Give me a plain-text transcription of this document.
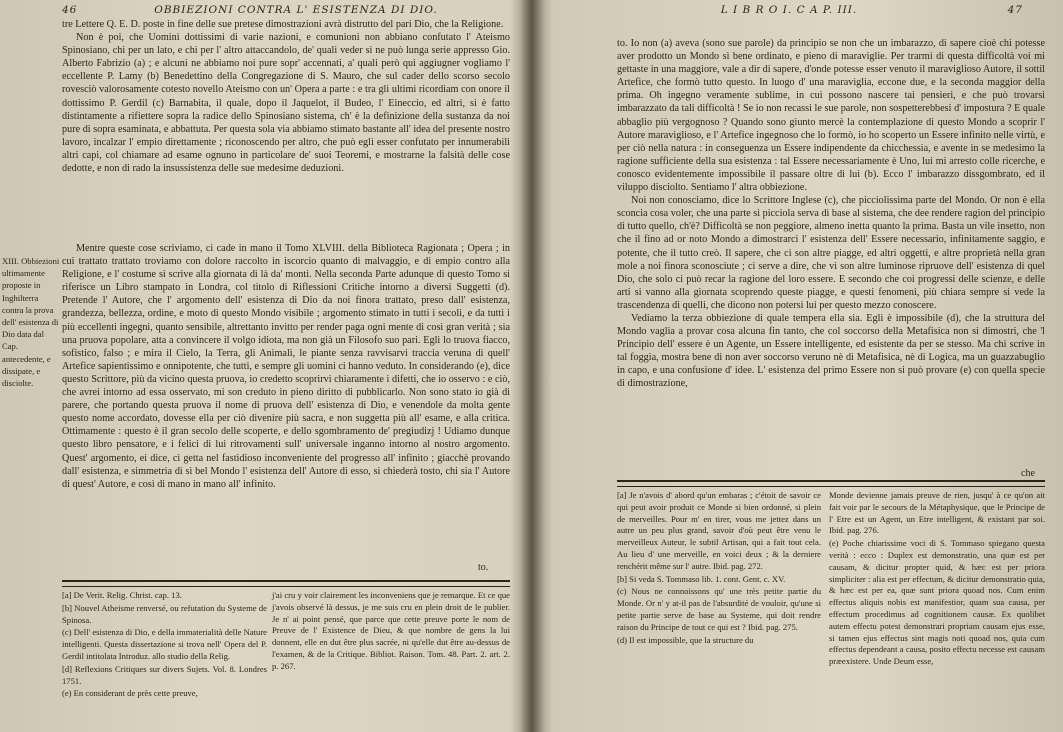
46	OBBIEZIONI CONTRA L' ESISTENZA DI DIO.

tre Lettere Q. E. D. poste in fine delle sue pretese dimostrazioni avrà distrutto del pari Dio, che la Religione.

Non è poi, che Uomini dottissimi di varie nazioni, e comunioni non abbiano confutato l' Ateismo Spinosiano, chi per un lato, e chi per l' altro attaccandolo, de' quali veder si ne può lunga serie appresso Gio. Alberto Fabrizio (a) ; e alcuni ne abbiamo noi pure sopr' accennati, a' quali però qui aggiugner vogliamo l' eccellente P. Lamy (b) Benedettino della Congregazione di S. Mauro, che sul cader dello scorso secolo rovesciò valorosamente cotesto novello Ateismo con un' Opera a parte : e tra gli ultimi ricordiam con onore il dottissimo P. Gerdil (c) Barnabita, il quale, dopo il Jaquelot, il Budeo, l' Eineccio, ed altri, si è fatto distintamente a rifiettere sopra la radice dello Spinosiano sistema, ch' è la definizione della sustanza da noi pure di sopra esaminata, e abbattuta. Per questa sola via abbiamo stimato bastante all' idea del presente nostro lavoro, incalzar l' empio direttamente ; riconoscendo per altro, che può egli esser confutato per innumerabili altri capi, col chiamare ad esame ognuno in particolare de' suoi Teoremi, e mostrarne la falsità delle cose dedotte, e non di rado la insussistenza delle sue medesime deduzioni.

XIII. Obbiezioni ultimamente proposte in Inghilterra contra la prova dell' esistenza di Dio data dal Cap. antecedente, e dissipate, e disciolte.

Mentre queste cose scriviamo, ci cade in mano il Tomo XLVIII. della Biblioteca Ragionata ; Opera ; in cui trattato trattato troviamo con dolore raccolto in iscorcio quanto di malvaggio, e di empio contro alla Religione, e l' costume si scrive alla giornata di là da' monti. Nella seconda Parte adunque di questo Tomo si riferisce un Libro stampato in Londra, col titolo di Riflessioni Critiche intorno a diversi Suggetti (d). Pretende l' Autore, che l' argomento dell' esistenza di Dio da noi finora trattato, preso dall' esistenza, grandezza, bellezza, ordine, e moto di questo Mondo visibile ; argomento stimato in tutti i secoli, e da tutti i più eccellenti ingegni, quanto sensibile, altrettanto invitto per render paga ogni mente di così gran verità ; sia una pruova popolare, atta a convincere il volgo idiota, ma non già un Filosofo suo pari. Egli lo truova fiacco, sofistico, falso ; e mira il Cielo, la Terra, gli Animali, le piante senza ravvisarvi traccia veruna di quell' Artefice sapientissimo e onnipotente, che tutti, e sempre gli uomini ci hanno veduto. In considerando (e), dice questo Scrittore, più da vicino questa pruova, io credetto scoprirvi chiaramente i difetti, che io osservo : e ciò, che avrei intorno ad essa osservato, mi son creduto in pieno diritto di pubblicarlo. Non sono stato io già di parere, che portando questa pruova il nome di pruova dell' esistenza di Dio, e venendole da molta gente questo nome accordato, dovesse ella per ciò divenire più sacra, e non suggetta più all' esame, e alla critica. Ottimamente : questo è il gran secolo delle scoperte, e dello sgombramento de' pregiudizj ! Udiamo dunque questo libro pensatore, e i felici di lui ritrovamenti sull' universale inganno intorno al nostro argomento. Quest' argomento, ei dice, ci getta nel fastidioso inconveniente del progresso all' infinito ; giacchè provando dall' esistenza, e simmetria di sì bel Mondo l' esistenza dell' Autore di esso, si chiederà tosto, chi sia l' Autore di quest' Autore, e così di mano in mano all' infinito.

[a] De Verit. Relig. Christ. cap. 13.

[b] Nouvel Atheisme renversé, ou refutation du Systeme de Spinosa.

(c) Dell' esistenza di Dio, e della immaterialità delle Nature intelligenti. Questa dissertazione si trova nell' Opera del P. Gerdil intitolata Introduz. allo studio della Relig.

[d] Reflexions Critiques sur divers Sujets. Vol. 8. Londres 1751.

(e) En considerant de près cette preuve,

j'ai cru y voir clairement les inconveniens que je remarque. Et ce que j'avois observé là dessus, je me suis cru en plein droit de le publier. Je n' ai point pensé, que parce que cette preuve porte le nom de Preuve de l' Existence de Dieu, & que nombre de gens la lui donnent, elle en dut être plus sacrée, ni qu'elle dut être au-dessus de l'examen, & de la Critique. Bibliot. Raison. Tom. 48. Part. 2. art. 2. p. 267.

to.
L I B R O I. C A P. III.	47

to. Io non (a) aveva (sono sue parole) da principio se non che un imbarazzo, di sapere cioè chi potesse aver prodotto un Mondo sì bene ordinato, e pieno di maraviglie. Per trarmi di questa difficoltà voi mi gettaste in una maggiore, vale a dir di sapere, d'onde potesse esser venuto il maraviglioso Autore, il sottil Artefice, che formò tutto questo. In luogo d' una maraviglia, eccone due, e la seconda maggior della prima. Oh ingegno veramente sublime, in cui possono nascere tai pensieri, e che può trovarsi imbarazzato da tali difficoltà ! Se io non recassi le sue parole, non sospetterebbesi d' impostura ? E quale abbaglio più vergognoso ? Quando sono giunto mercè la contemplazione di questo Mondo a scoprir l' Autore maraviglioso, e l' Artefice ingegnoso che lo formò, io ho scoperto un Essere infinito nelle virtù, e per ciò nella natura : in conseguenza un Essere indipendente da chicchessia, e avente in se medesimo la ragione sufficiente della sua esistenza : tal Essere necessariamente è Uno, lui mi arresto colle ricerche, e conosco evidentemente impossibile il passare oltre di lui (b). Ecco l' imbarazzo dissgombrato, ed il viluppo disciolto. Sentiamo l' altra obbiezione.

Noi non conosciamo, dice lo Scrittore Inglese (c), che picciolissima parte del Mondo. Or non è ella sconcia cosa voler, che una parte sì picciola serva di base al sistema, che dee rendere ragion del principio di tutto quello, ch'è? Difficoltà se non peggiore, almeno inetta quanto la prima. Basta un vile insetto, non che il fino ad or noto Mondo a dimostrarci l' esistenza dell' Essere necessario, infinitamente saggio, e potente, che il tutto creò. Il sapere, che ci son altre piagge, ed altri oggetti, e altre proprietà nella gran mole a noi finora sconosciute ; ci serve a dire, che vi son altre luminose ripruove dell' esistenza di quel Dio, che solo ci può recar la ragione del loro essere. E secondo che coi progressi delle scienze, e delle arti si vanno alla giornata scoprendo queste piagge, e questi fenomeni, più chiara sempre si vede la trascendenza di quelli, che dicono non potersi lui per questo mezzo conoscere.

Vediamo la terza obbiezione di quale tempera ella sia. Egli è impossibile (d), che la struttura del Mondo vaglia a provar cosa alcuna fin tanto, che col soccorso della Metafisica non si dimostri, che 'l Principio dell' essere è un Agente, un Essere intelligente, ed esistente da per se stesso. Ma chi scrive in tal foggia, mostra bene di non aver soccorso veruno nè di Metafisica, nè di Logica, ma un guazzabuglio in capo, e una confusione d' idee. L' esistenza del primo Essere non si può provare (e) con quella specie di dimostrazione,

che

[a] Je n'avois d' abord qu'un embaras ; c'étoit de savoir ce qui peut avoir produit ce Monde si bien ordonné, si plein de merveilles. Pour m' en tirer, vous me jettez dans un autre un peu plus grand, savoir d'où peut être venu le merveilleux Auteur, le subtil Artisan, qui a fait tout cela. Au lieu d' une merveille, en voici deux ; & la derniere renchérit même sur l' autre. Ibid. pag. 272.

[b] Si veda S. Tommaso lib. 1. cont. Gent. c. XV.

(c) Nous ne connoissons qu' une très petite partie du Monde. Or n' y at-il pas de l'absurdité de vouloir, qu'une si petite partie serve de base au Systeme, qui doit rendre raison du Principe de tout ce qui est ? Ibid. pag. 275.

(d) Il est impossible, que la structure du

Monde devienne jamais preuve de rien, jusqu' à ce qu'on ait fait voir par le secours de la Métaphysique, que le Principe de l' Etre est un Agent, un Etre intelligent, & existant par soi. Ibid. pag. 276.

(e) Poche chiarissime voci di S. Tommaso spiegano questa verità : ecco : Duplex est demonstratio, una quæ est per causam, & dicitur propter quid, & hæc est per priora simpliciter : alia est per effectum, & dicitur demonstratio quia, & hæc est per ea, quæ sunt priora quoad nos. Cum enim effectus aliquis nobis est manifestior, quam sua causa, per effectum procedimus ad cognitionem causæ. Ex quolibet autem effectu potest demonstrari propriam causam ejus esse, si tamen ejus effectus sint magis noti quoad nos, quia cum effectus dependeant a causa, posito effectu necesse est causam præexistere. Unde Deum esse,
